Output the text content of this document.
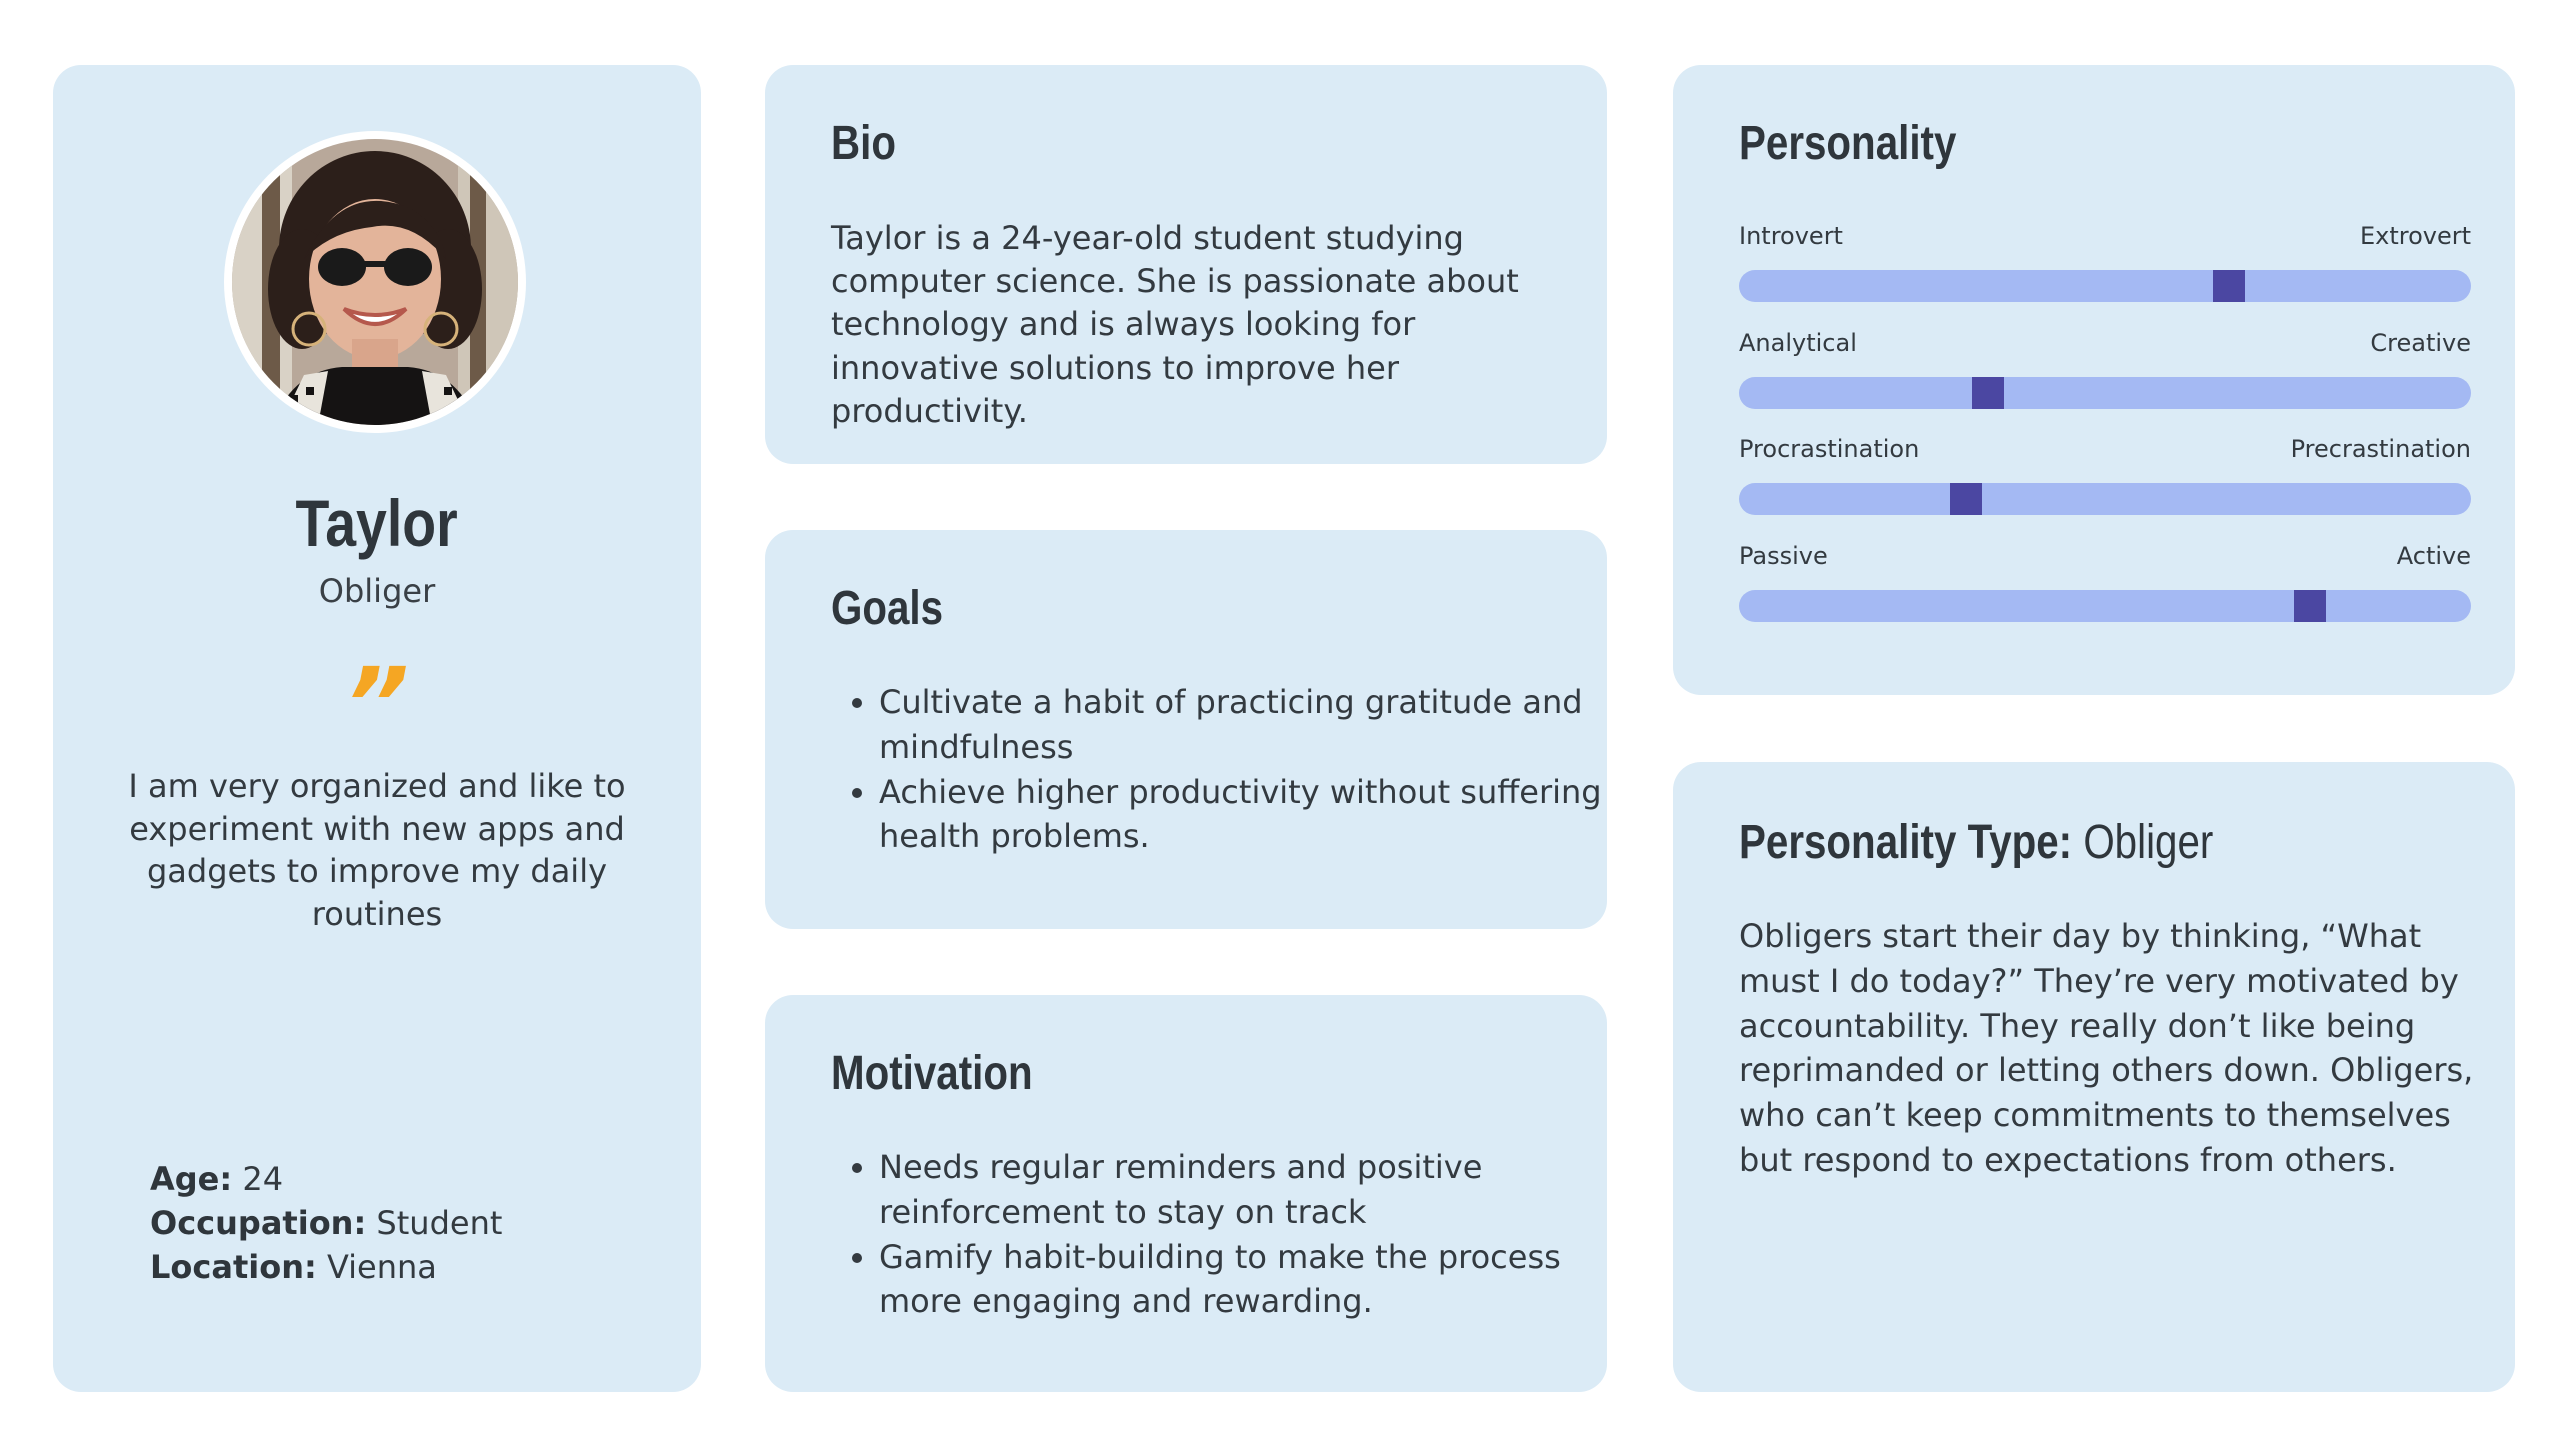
Taylor
Obliger
”
I am very organized and like to experiment with new apps and gadgets to improve my daily routines
Age: 24
Occupation: Student
Location: Vienna
Bio
Taylor is a 24-year-old student studying computer science. She is passionate about technology and is always looking for innovative solutions to improve her productivity.
Goals
• Cultivate a habit of practicing gratitude and mindfulness
• Achieve higher productivity without suffering health problems.
Motivation
• Needs regular reminders and positive reinforcement to stay on track
• Gamify habit-building to make the process more engaging and rewarding.
Personality
Introvert	Extrovert
Analytical	Creative
Procrastination	Precrastination
Passive	Active
Personality Type: Obliger
Obligers start their day by thinking, “What must I do today?” They’re very motivated by accountability. They really don’t like being reprimanded or letting others down. Obligers, who can’t keep commitments to themselves but respond to expectations from others.
